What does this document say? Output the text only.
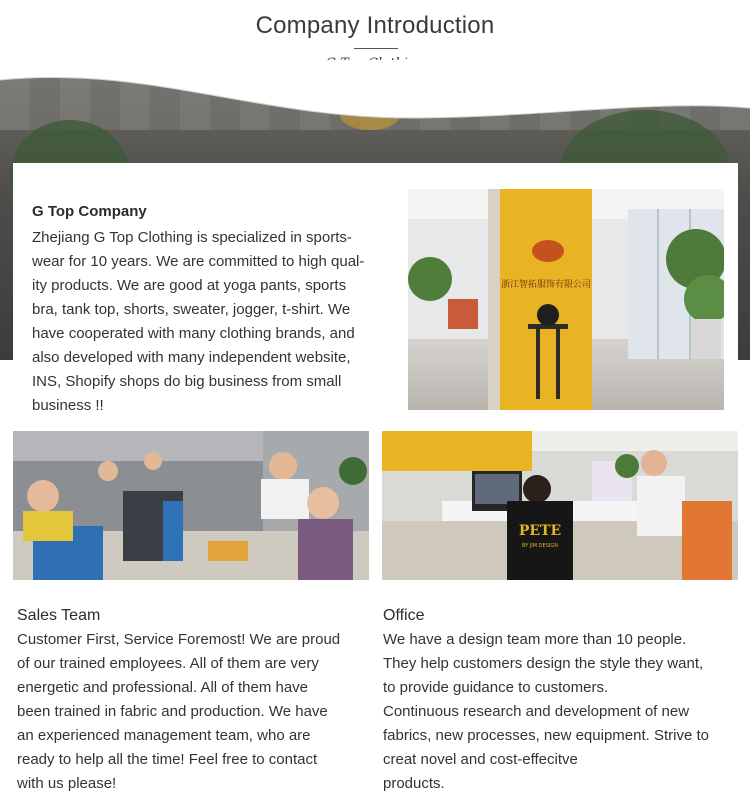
Company Introduction
G Top Company
Zhejiang G Top Clothing is specialized in sports-
wear for 10 years. We are committed to high qual-
ity products. We are good at yoga pants, sports
bra, tank top, shorts, sweater, jogger, t-shirt. We
have cooperated with many clothing brands, and
also developed with many independent website,
INS, Shopify shops do big business from small
business !!
浙江智拓服饰有限公司
PETE
BY JIM DESIGN
Sales Team
Customer First, Service Foremost! We are proud
of our trained employees. All of them are very
energetic and professional. All of them have
been trained in fabric and production. We have
an experienced management team, who are
ready to help all the time! Feel free to contact
with us please!
Office
We have a design team more than 10 people.
They help customers design the style they want,
to provide guidance to customers.
Continuous research and development of new
fabrics, new processes, new equipment. Strive to
creat novel and cost-effecitve
products.
